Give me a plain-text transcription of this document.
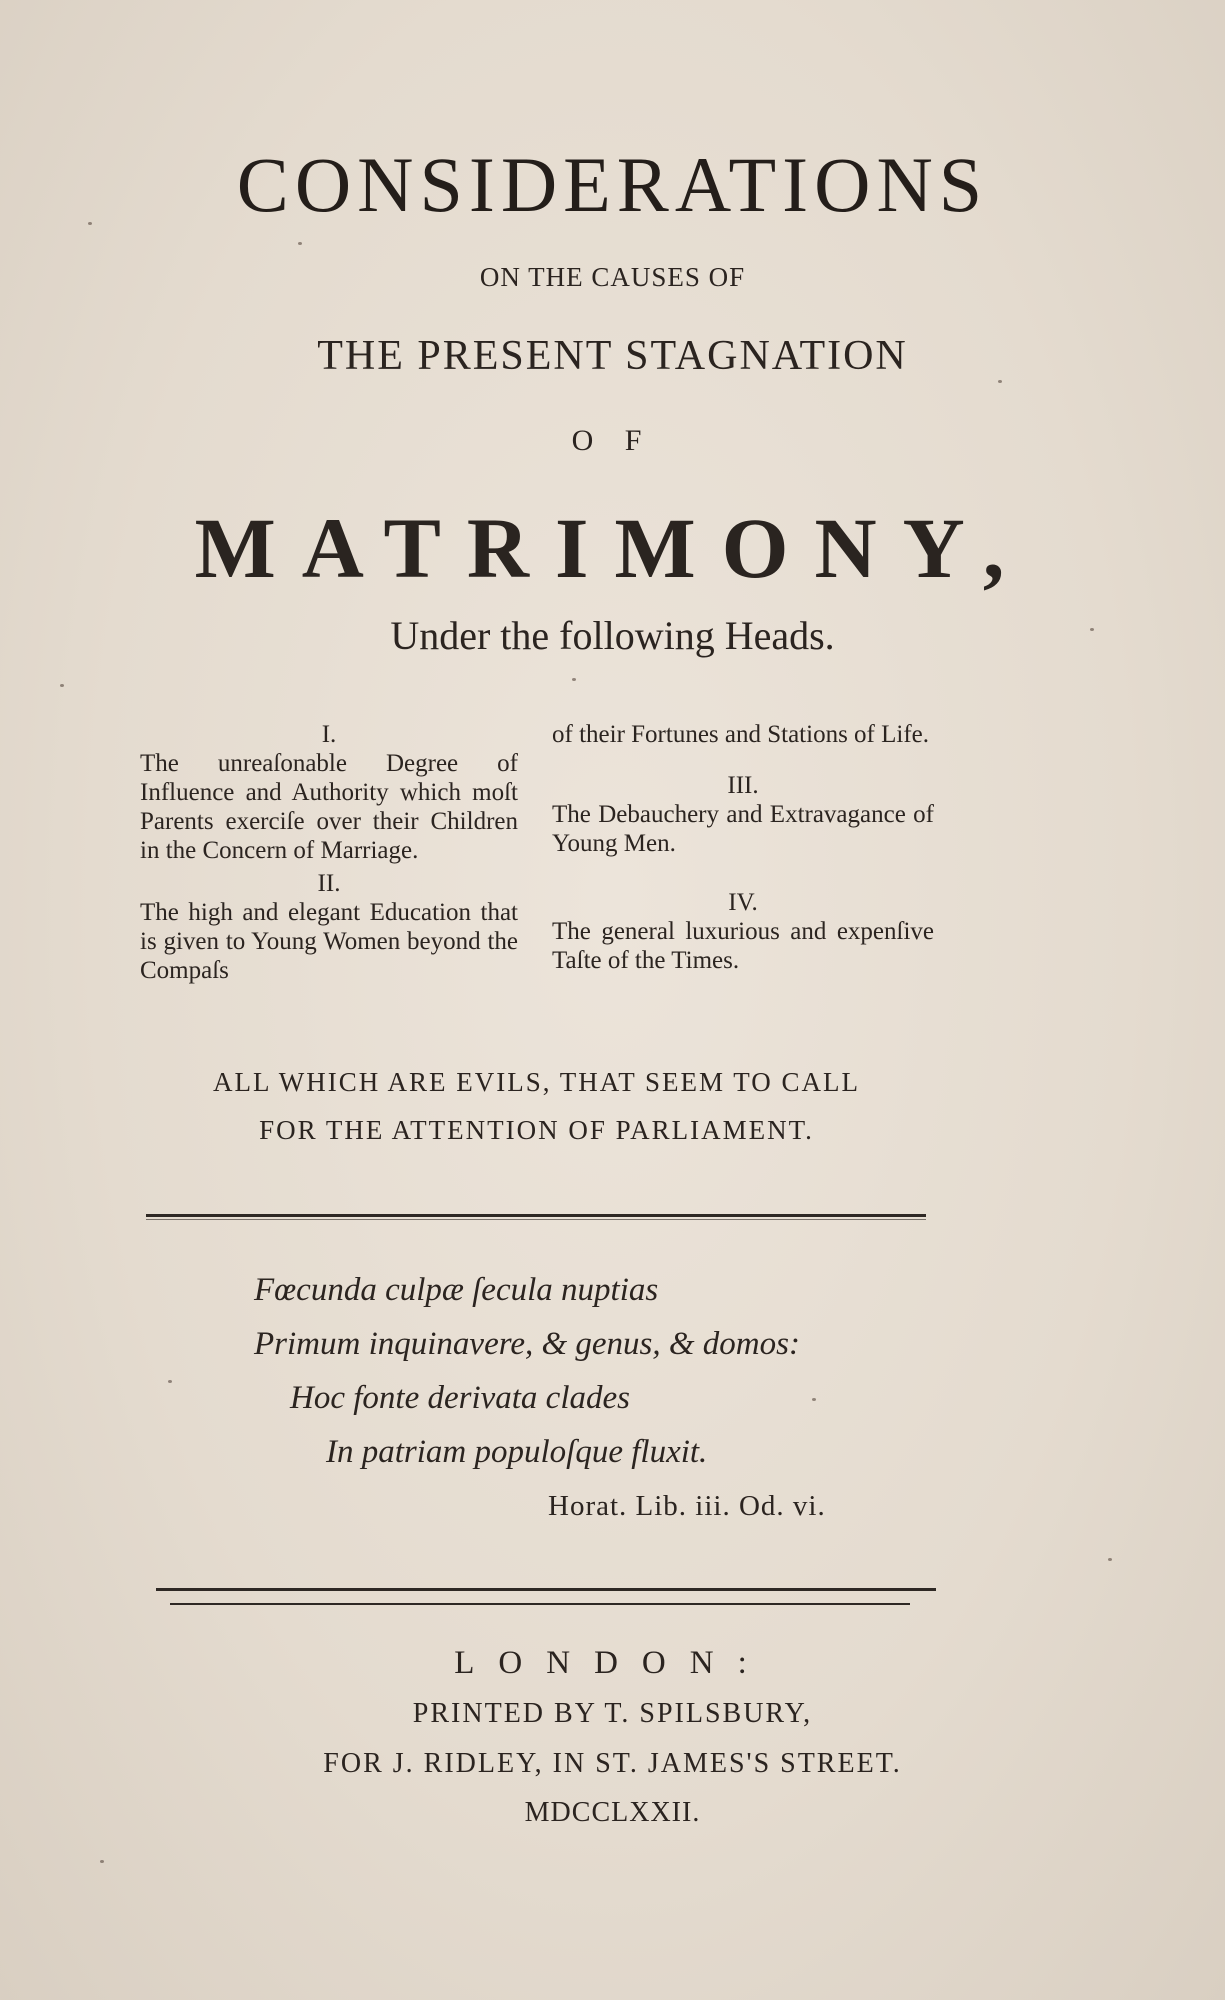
CONSIDERATIONS
ON THE CAUSES OF
THE PRESENT STAGNATION
O F
MATRIMONY,
Under the following Heads.
I.
The unreaſonable Degree of Influence and Authority which moſt Parents exerciſe over their Children in the Concern of Marriage.
II.
The high and elegant Education that is given to Young Women beyond the Compaſs
of their Fortunes and Stations of Life.
III.
The Debauchery and Extravagance of Young Men.
IV.
The general luxurious and expenſive Taſte of the Times.
ALL WHICH ARE EVILS, THAT SEEM TO CALL
FOR THE ATTENTION OF PARLIAMENT.
Fœcunda culpæ ſecula nuptias
Primum inquinavere, & genus, & domos:
Hoc fonte derivata clades
In patriam populoſque fluxit.
Horat. Lib. iii. Od. vi.
LONDON:
PRINTED BY T. SPILSBURY,
FOR J. RIDLEY, IN ST. JAMES'S STREET.
MDCCLXXII.
